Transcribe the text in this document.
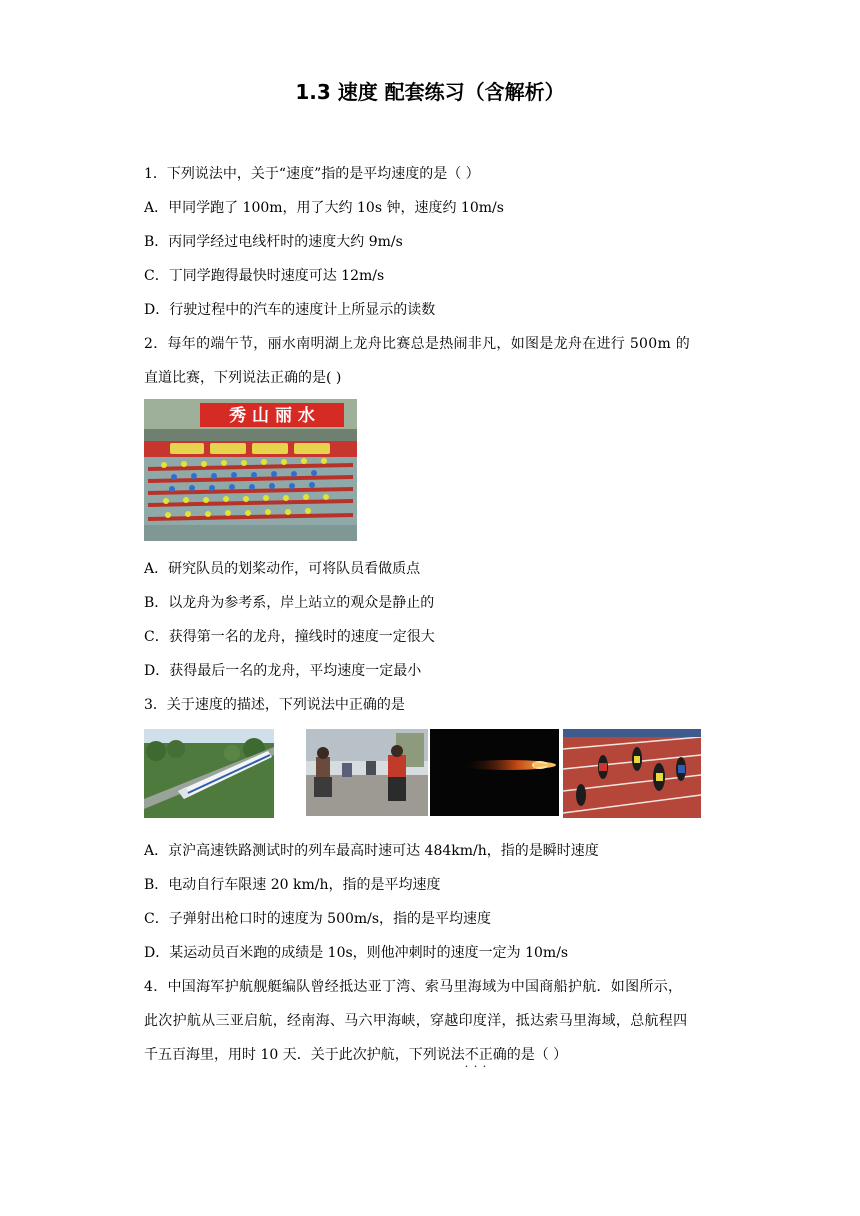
1.3 速度 配套练习（含解析）
1．下列说法中，关于“速度”指的是平均速度的是（ ）
A．甲同学跑了 100m，用了大约 10s 钟，速度约 10m/s
B．丙同学经过电线杆时的速度大约 9m/s
C．丁同学跑得最快时速度可达 12m/s
D．行驶过程中的汽车的速度计上所显示的读数
2．每年的端午节，丽水南明湖上龙舟比赛总是热闹非凡，如图是龙舟在进行 500m 的
直道比赛，下列说法正确的是( )
秀 山 丽 水
A．研究队员的划桨动作，可将队员看做质点
B．以龙舟为参考系，岸上站立的观众是静止的
C．获得第一名的龙舟，撞线时的速度一定很大
D．获得最后一名的龙舟，平均速度一定最小
3．关于速度的描述，下列说法中正确的是
A．京沪高速铁路测试时的列车最高时速可达 484km/h，指的是瞬时速度
B．电动自行车限速 20 km/h，指的是平均速度
C．子弹射出枪口时的速度为 500m/s，指的是平均速度
D．某运动员百米跑的成绩是 10s，则他冲刺时的速度一定为 10m/s
4．中国海军护航舰艇编队曾经抵达亚丁湾、索马里海域为中国商船护航．如图所示，
此次护航从三亚启航，经南海、马六甲海峡，穿越印度洋，抵达索马里海域，总航程四
千五百海里，用时 10 天．关于此次护航，下列说法不正确 · · ·的是（ ）
